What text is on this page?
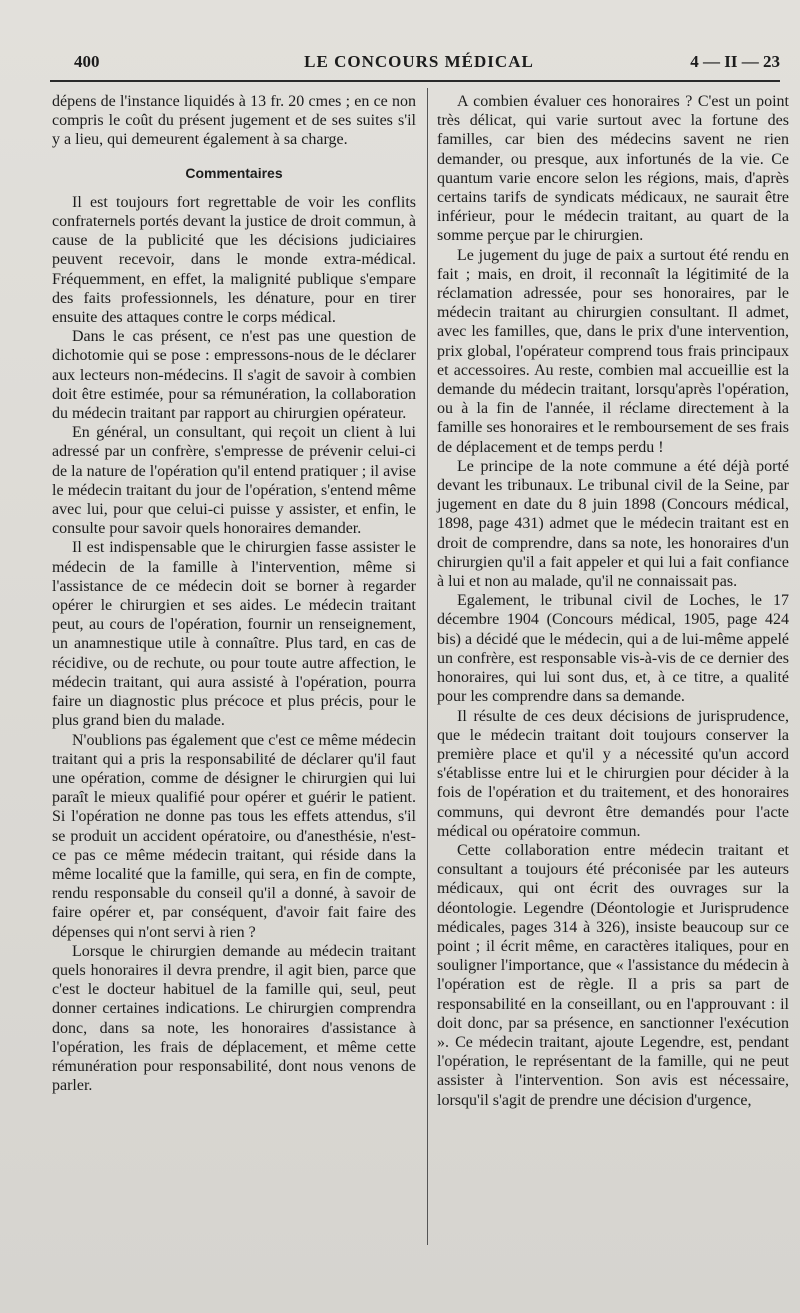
400	LE CONCOURS MÉDICAL	4 — II — 23

dépens de l'instance liquidés à 13 fr. 20 cmes ; en ce non compris le coût du présent jugement et de ses suites s'il y a lieu, qui demeurent également à sa charge.

Commentaires

Il est toujours fort regrettable de voir les conflits confraternels portés devant la justice de droit commun, à cause de la publicité que les décisions judiciaires peuvent recevoir, dans le monde extra-médical. Fréquemment, en effet, la malignité publique s'empare des faits professionnels, les dénature, pour en tirer ensuite des attaques contre le corps médical.

Dans le cas présent, ce n'est pas une question de dichotomie qui se pose : empressons-nous de le déclarer aux lecteurs non-médecins. Il s'agit de savoir à combien doit être estimée, pour sa rémunération, la collaboration du médecin traitant par rapport au chirurgien opérateur.

En général, un consultant, qui reçoit un client à lui adressé par un confrère, s'empresse de prévenir celui-ci de la nature de l'opération qu'il entend pratiquer ; il avise le médecin traitant du jour de l'opération, s'entend même avec lui, pour que celui-ci puisse y assister, et enfin, le consulte pour savoir quels honoraires demander.

Il est indispensable que le chirurgien fasse assister le médecin de la famille à l'intervention, même si l'assistance de ce médecin doit se borner à regarder opérer le chirurgien et ses aides. Le médecin traitant peut, au cours de l'opération, fournir un renseignement, un anamnestique utile à connaître. Plus tard, en cas de récidive, ou de rechute, ou pour toute autre affection, le médecin traitant, qui aura assisté à l'opération, pourra faire un diagnostic plus précoce et plus précis, pour le plus grand bien du malade.

N'oublions pas également que c'est ce même médecin traitant qui a pris la responsabilité de déclarer qu'il faut une opération, comme de désigner le chirurgien qui lui paraît le mieux qualifié pour opérer et guérir le patient. Si l'opération ne donne pas tous les effets attendus, s'il se produit un accident opératoire, ou d'anesthésie, n'est-ce pas ce même médecin traitant, qui réside dans la même localité que la famille, qui sera, en fin de compte, rendu responsable du conseil qu'il a donné, à savoir de faire opérer et, par conséquent, d'avoir fait faire des dépenses qui n'ont servi à rien ?

Lorsque le chirurgien demande au médecin traitant quels honoraires il devra prendre, il agit bien, parce que c'est le docteur habituel de la famille qui, seul, peut donner certaines indications. Le chirurgien comprendra donc, dans sa note, les honoraires d'assistance à l'opération, les frais de déplacement, et même cette rémunération pour responsabilité, dont nous venons de parler.

A combien évaluer ces honoraires ? C'est un point très délicat, qui varie surtout avec la fortune des familles, car bien des médecins savent ne rien demander, ou presque, aux infortunés de la vie. Ce quantum varie encore selon les régions, mais, d'après certains tarifs de syndicats médicaux, ne saurait être inférieur, pour le médecin traitant, au quart de la somme perçue par le chirurgien.

Le jugement du juge de paix a surtout été rendu en fait ; mais, en droit, il reconnaît la légitimité de la réclamation adressée, pour ses honoraires, par le médecin traitant au chirurgien consultant. Il admet, avec les familles, que, dans le prix d'une intervention, prix global, l'opérateur comprend tous frais principaux et accessoires. Au reste, combien mal accueillie est la demande du médecin traitant, lorsqu'après l'opération, ou à la fin de l'année, il réclame directement à la famille ses honoraires et le remboursement de ses frais de déplacement et de temps perdu !

Le principe de la note commune a été déjà porté devant les tribunaux. Le tribunal civil de la Seine, par jugement en date du 8 juin 1898 (Concours médical, 1898, page 431) admet que le médecin traitant est en droit de comprendre, dans sa note, les honoraires d'un chirurgien qu'il a fait appeler et qui lui a fait confiance à lui et non au malade, qu'il ne connaissait pas.

Egalement, le tribunal civil de Loches, le 17 décembre 1904 (Concours médical, 1905, page 424 bis) a décidé que le médecin, qui a de lui-même appelé un confrère, est responsable vis-à-vis de ce dernier des honoraires, qui lui sont dus, et, à ce titre, a qualité pour les comprendre dans sa demande.

Il résulte de ces deux décisions de jurisprudence, que le médecin traitant doit toujours conserver la première place et qu'il y a nécessité qu'un accord s'établisse entre lui et le chirurgien pour décider à la fois de l'opération et du traitement, et des honoraires communs, qui devront être demandés pour l'acte médical ou opératoire commun.

Cette collaboration entre médecin traitant et consultant a toujours été préconisée par les auteurs médicaux, qui ont écrit des ouvrages sur la déontologie. Legendre (Déontologie et Jurisprudence médicales, pages 314 à 326), insiste beaucoup sur ce point ; il écrit même, en caractères italiques, pour en souligner l'importance, que « l'assistance du médecin à l'opération est de règle. Il a pris sa part de responsabilité en la conseillant, ou en l'approuvant : il doit donc, par sa présence, en sanctionner l'exécution ». Ce médecin traitant, ajoute Legendre, est, pendant l'opération, le représentant de la famille, qui ne peut assister à l'intervention. Son avis est nécessaire, lorsqu'il s'agit de prendre une décision d'urgence,
